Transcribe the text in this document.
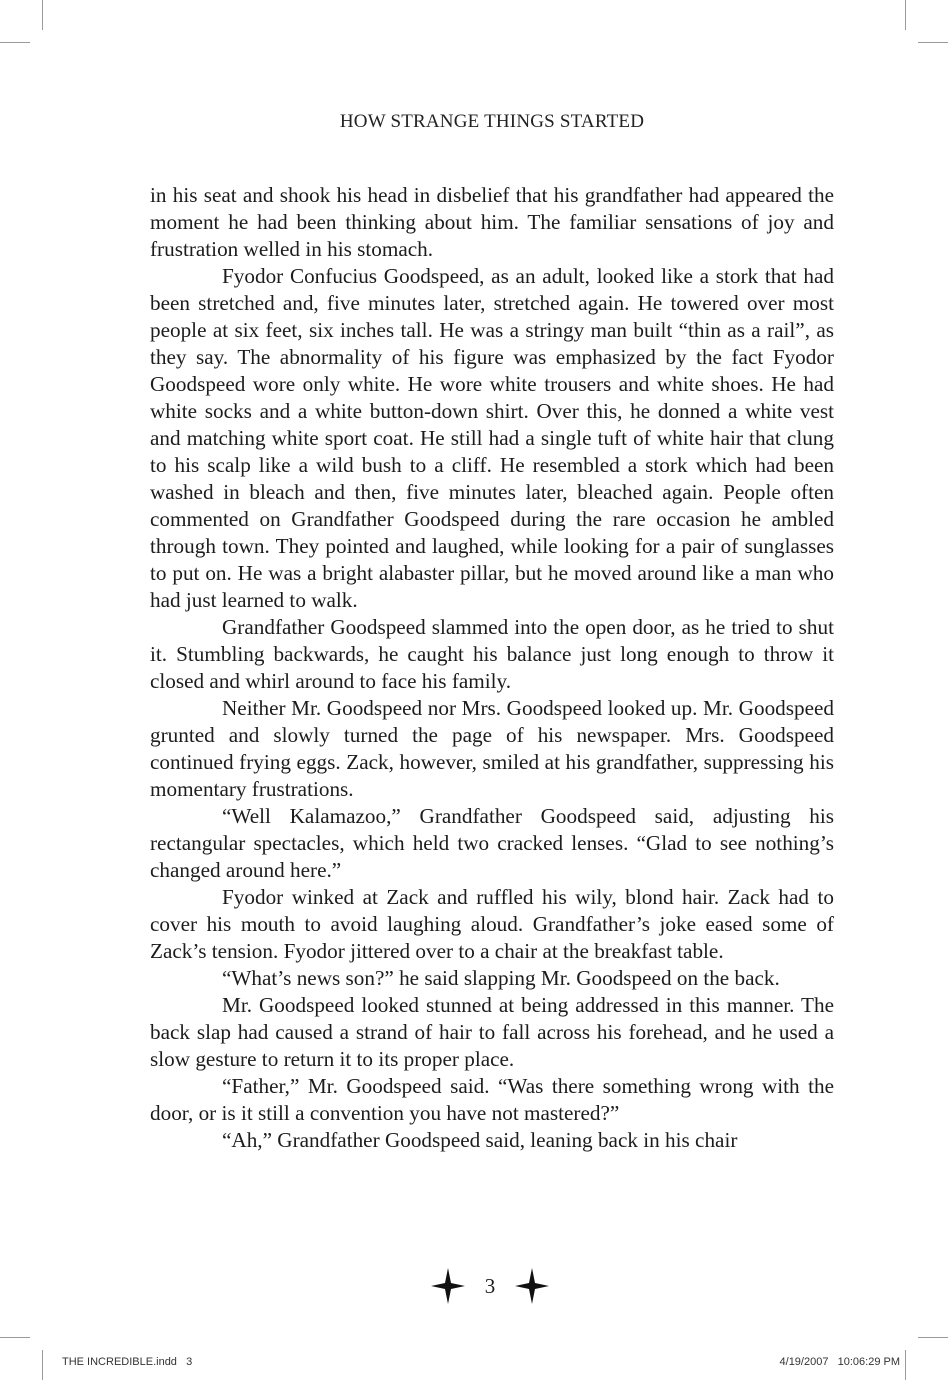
HOW STRANGE THINGS STARTED

in his seat and shook his head in disbelief that his grandfather had appeared the moment he had been thinking about him. The familiar sensations of joy and frustration welled in his stomach.

Fyodor Confucius Goodspeed, as an adult, looked like a stork that had been stretched and, five minutes later, stretched again. He towered over most people at six feet, six inches tall. He was a stringy man built “thin as a rail”, as they say. The abnormality of his figure was emphasized by the fact Fyodor Goodspeed wore only white. He wore white trousers and white shoes. He had white socks and a white button-down shirt. Over this, he donned a white vest and matching white sport coat. He still had a single tuft of white hair that clung to his scalp like a wild bush to a cliff. He resembled a stork which had been washed in bleach and then, five minutes later, bleached again. People often commented on Grandfather Goodspeed during the rare occasion he ambled through town. They pointed and laughed, while looking for a pair of sunglasses to put on. He was a bright alabaster pillar, but he moved around like a man who had just learned to walk.

Grandfather Goodspeed slammed into the open door, as he tried to shut it. Stumbling backwards, he caught his balance just long enough to throw it closed and whirl around to face his family.

Neither Mr. Goodspeed nor Mrs. Goodspeed looked up. Mr. Goodspeed grunted and slowly turned the page of his newspaper. Mrs. Goodspeed continued frying eggs. Zack, however, smiled at his grandfather, suppressing his momentary frustrations.

“Well Kalamazoo,” Grandfather Goodspeed said, adjusting his rectangular spectacles, which held two cracked lenses. “Glad to see nothing’s changed around here.”

Fyodor winked at Zack and ruffled his wily, blond hair. Zack had to cover his mouth to avoid laughing aloud. Grandfather’s joke eased some of Zack’s tension. Fyodor jittered over to a chair at the breakfast table.

“What’s news son?” he said slapping Mr. Goodspeed on the back.

Mr. Goodspeed looked stunned at being addressed in this manner. The back slap had caused a strand of hair to fall across his forehead, and he used a slow gesture to return it to its proper place.

“Father,” Mr. Goodspeed said. “Was there something wrong with the door, or is it still a convention you have not mastered?”

“Ah,” Grandfather Goodspeed said, leaning back in his chair

3
THE INCREDIBLE.indd   3	4/19/2007   10:06:29 PM
